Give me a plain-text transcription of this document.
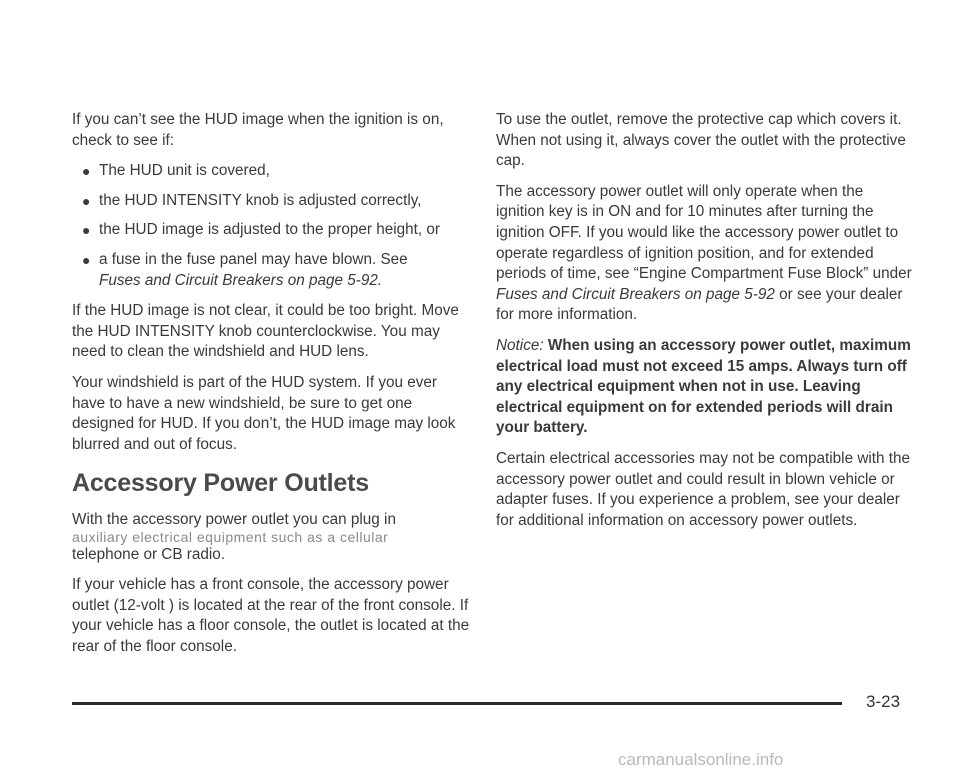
If you can’t see the HUD image when the ignition is on, check to see if:

● The HUD unit is covered,
● the HUD INTENSITY knob is adjusted correctly,
● the HUD image is adjusted to the proper height, or
● a fuse in the fuse panel may have blown. See
Fuses and Circuit Breakers on page 5-92.

If the HUD image is not clear, it could be too bright. Move the HUD INTENSITY knob counterclockwise. You may need to clean the windshield and HUD lens.

Your windshield is part of the HUD system. If you ever have to have a new windshield, be sure to get one designed for HUD. If you don’t, the HUD image may look blurred and out of focus.

Accessory Power Outlets

With the accessory power outlet you can plug in

auxiliary electrical equipment such as a cellular
telephone or CB radio.

If your vehicle has a front console, the accessory power outlet (12-volt ) is located at the rear of the front console. If your vehicle has a floor console, the outlet is located at the rear of the floor console.

To use the outlet, remove the protective cap which covers it. When not using it, always cover the outlet with the protective cap.

The accessory power outlet will only operate when the ignition key is in ON and for 10 minutes after turning the ignition OFF. If you would like the accessory power outlet to operate regardless of ignition position, and for extended periods of time, see “Engine Compartment Fuse Block” under Fuses and Circuit Breakers on page 5-92 or see your dealer for more information.

Notice: When using an accessory power outlet, maximum electrical load must not exceed 15 amps. Always turn off any electrical equipment when not in use. Leaving electrical equipment on for extended periods will drain your battery.

Certain electrical accessories may not be compatible with the accessory power outlet and could result in blown vehicle or adapter fuses. If you experience a problem, see your dealer for additional information on accessory power outlets.

3-23
carmanualsonline.info
